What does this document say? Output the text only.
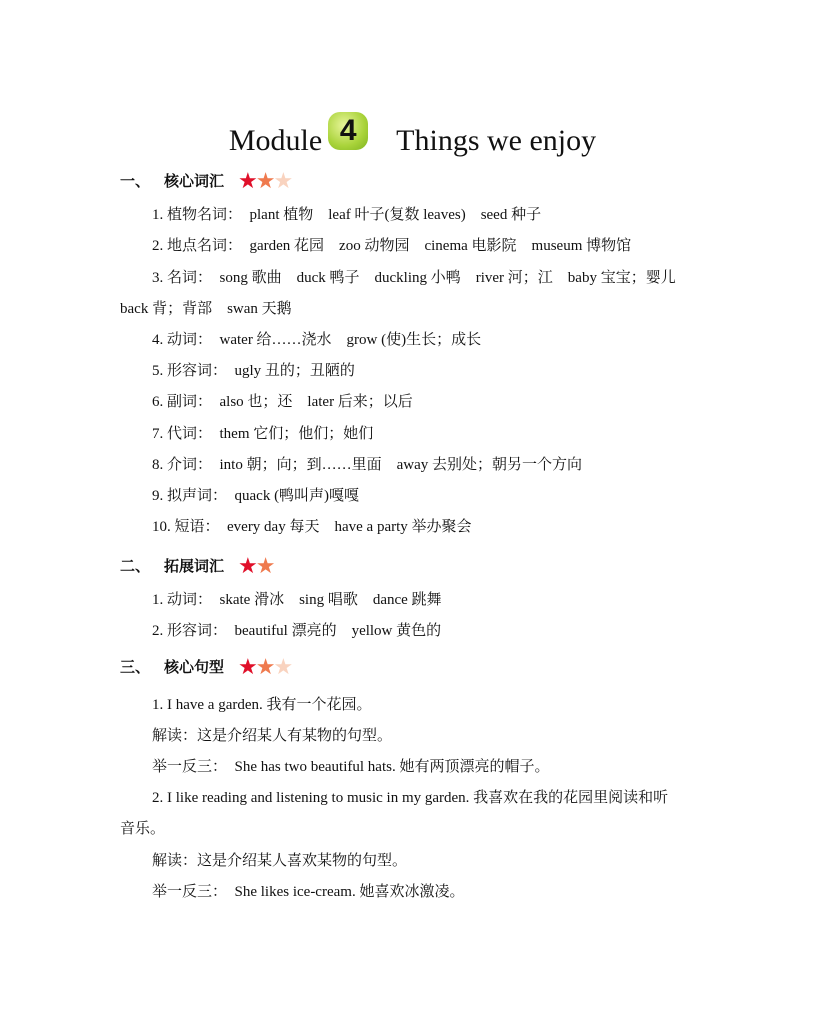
Module 4 Things we enjoy
一、 核心词汇 ★★★
1. 植物名词：  plant 植物    leaf 叶子(复数 leaves)    seed 种子
2. 地点名词：  garden 花园    zoo 动物园    cinema 电影院    museum 博物馆
3. 名词：  song 歌曲    duck 鸭子    duckling 小鸭    river 河；江    baby 宝宝；婴儿
back 背；背部    swan 天鹅
4. 动词：  water 给……浇水    grow (使)生长；成长
5. 形容词：  ugly 丑的；丑陋的
6. 副词：  also 也；还    later 后来；以后
7. 代词：  them 它们；他们；她们
8. 介词：  into 朝；向；到……里面    away 去别处；朝另一个方向
9. 拟声词：  quack (鸭叫声)嘎嘎
10. 短语：  every day 每天    have a party 举办聚会
二、 拓展词汇 ★★
1. 动词：  skate 滑冰    sing 唱歌    dance 跳舞
2. 形容词：  beautiful 漂亮的    yellow 黄色的
三、 核心句型 ★★★
1. I have a garden. 我有一个花园。
解读：这是介绍某人有某物的句型。
举一反三：  She has two beautiful hats. 她有两顶漂亮的帽子。
2. I like reading and listening to music in my garden. 我喜欢在我的花园里阅读和听
音乐。
解读：这是介绍某人喜欢某物的句型。
举一反三：  She likes ice-cream. 她喜欢冰激凌。
